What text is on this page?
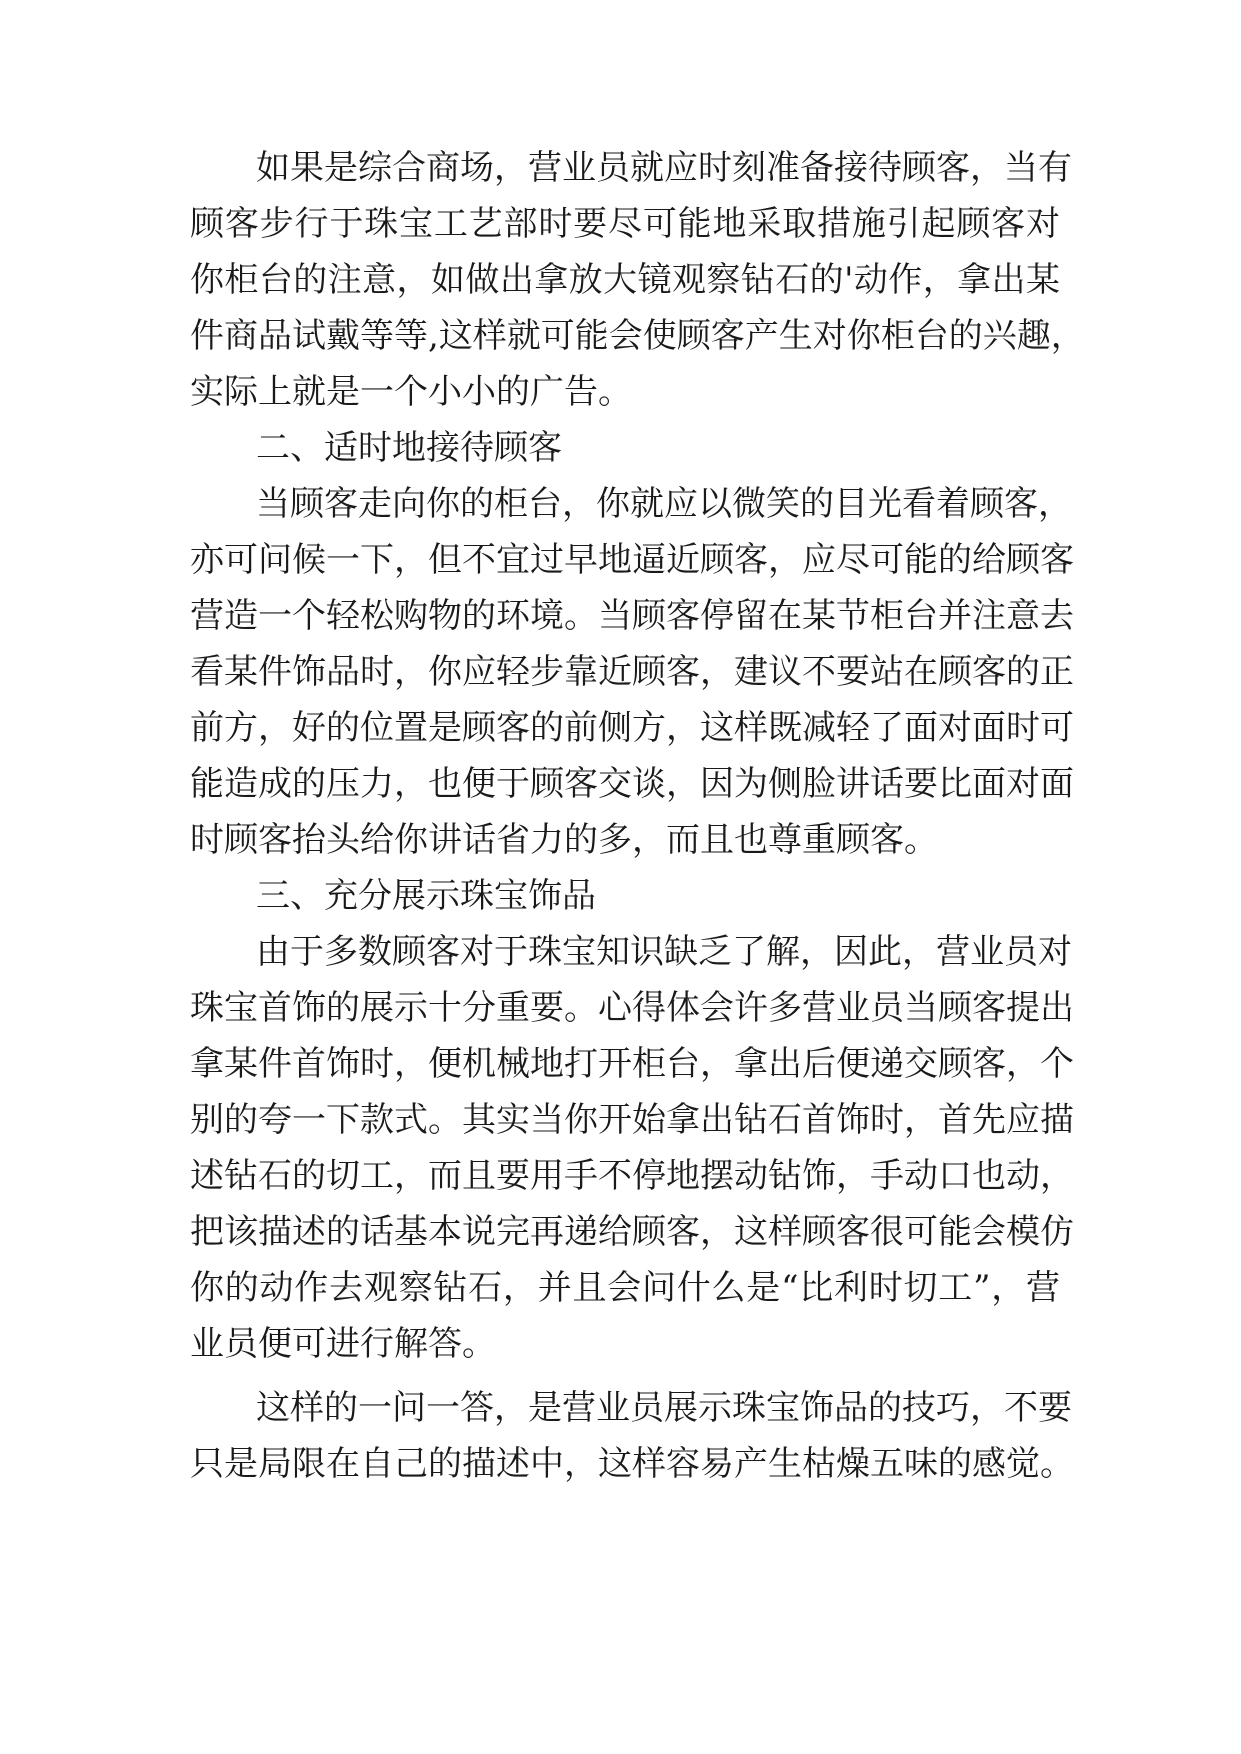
如果是综合商场，营业员就应时刻准备接待顾客，当有
顾客步行于珠宝工艺部时要尽可能地采取措施引起顾客对
你柜台的注意，如做出拿放大镜观察钻石的'动作，拿出某
件商品试戴等等,这样就可能会使顾客产生对你柜台的兴趣，
实际上就是一个小小的广告。
二、适时地接待顾客
当顾客走向你的柜台，你就应以微笑的目光看着顾客，
亦可问候一下，但不宜过早地逼近顾客，应尽可能的给顾客
营造一个轻松购物的环境。当顾客停留在某节柜台并注意去
看某件饰品时，你应轻步靠近顾客，建议不要站在顾客的正
前方，好的位置是顾客的前侧方，这样既减轻了面对面时可
能造成的压力，也便于顾客交谈，因为侧脸讲话要比面对面
时顾客抬头给你讲话省力的多，而且也尊重顾客。
三、充分展示珠宝饰品
由于多数顾客对于珠宝知识缺乏了解，因此，营业员对
珠宝首饰的展示十分重要。心得体会许多营业员当顾客提出
拿某件首饰时，便机械地打开柜台，拿出后便递交顾客，个
别的夸一下款式。其实当你开始拿出钻石首饰时，首先应描
述钻石的切工，而且要用手不停地摆动钻饰，手动口也动，
把该描述的话基本说完再递给顾客，这样顾客很可能会模仿
你的动作去观察钻石，并且会问什么是“比利时切工”，营
业员便可进行解答。
这样的一问一答，是营业员展示珠宝饰品的技巧，不要
只是局限在自己的描述中，这样容易产生枯燥五味的感觉。
